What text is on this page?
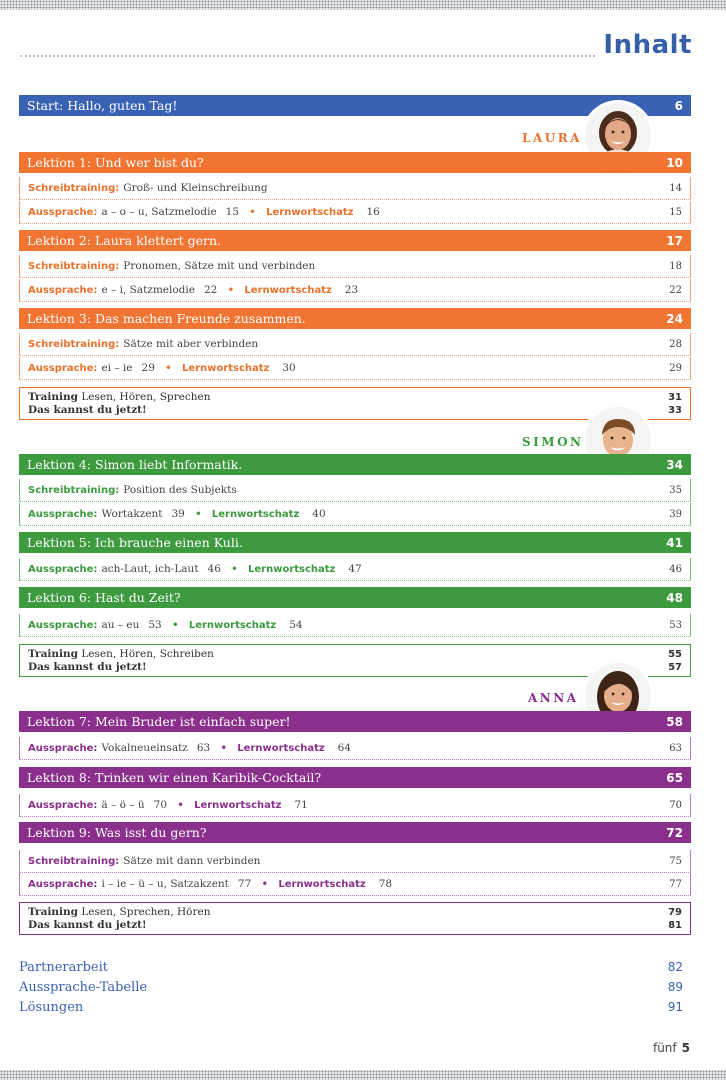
Inhalt
Start: Hallo, guten Tag!	6
LAURA
Lektion 1: Und wer bist du?	10
Schreibtraining: Groß- und Kleinschreibung	14
Aussprache: a – o – u, Satzmelodie 15 • Lernwortschatz 16	15
Lektion 2: Laura klettert gern.	17
Schreibtraining: Pronomen, Sätze mit und verbinden	18
Aussprache: e – i, Satzmelodie 22 • Lernwortschatz 23	22
Lektion 3: Das machen Freunde zusammen.	24
Schreibtraining: Sätze mit aber verbinden	28
Aussprache: ei – ie 29 • Lernwortschatz 30	29
Training Lesen, Hören, Sprechen	31
Das kannst du jetzt!	33
SIMON
Lektion 4: Simon liebt Informatik.	34
Schreibtraining: Position des Subjekts	35
Aussprache: Wortakzent 39 • Lernwortschatz 40	39
Lektion 5: Ich brauche einen Kuli.	41
Aussprache: ach-Laut, ich-Laut 46 • Lernwortschatz 47	46
Lektion 6: Hast du Zeit?	48
Aussprache: au – eu 53 • Lernwortschatz 54	53
Training Lesen, Hören, Schreiben	55
Das kannst du jetzt!	57
ANNA
Lektion 7: Mein Bruder ist einfach super!	58
Aussprache: Vokalneueinsatz 63 • Lernwortschatz 64	63
Lektion 8: Trinken wir einen Karibik-Cocktail?	65
Aussprache: ä – ö – ü 70 • Lernwortschatz 71	70
Lektion 9: Was isst du gern?	72
Schreibtraining: Sätze mit dann verbinden	75
Aussprache: i – ie – ü – u, Satzakzent 77 • Lernwortschatz 78	77
Training Lesen, Sprechen, Hören	79
Das kannst du jetzt!	81
Partnerarbeit	82
Aussprache-Tabelle	89
Lösungen	91
fünf 5
